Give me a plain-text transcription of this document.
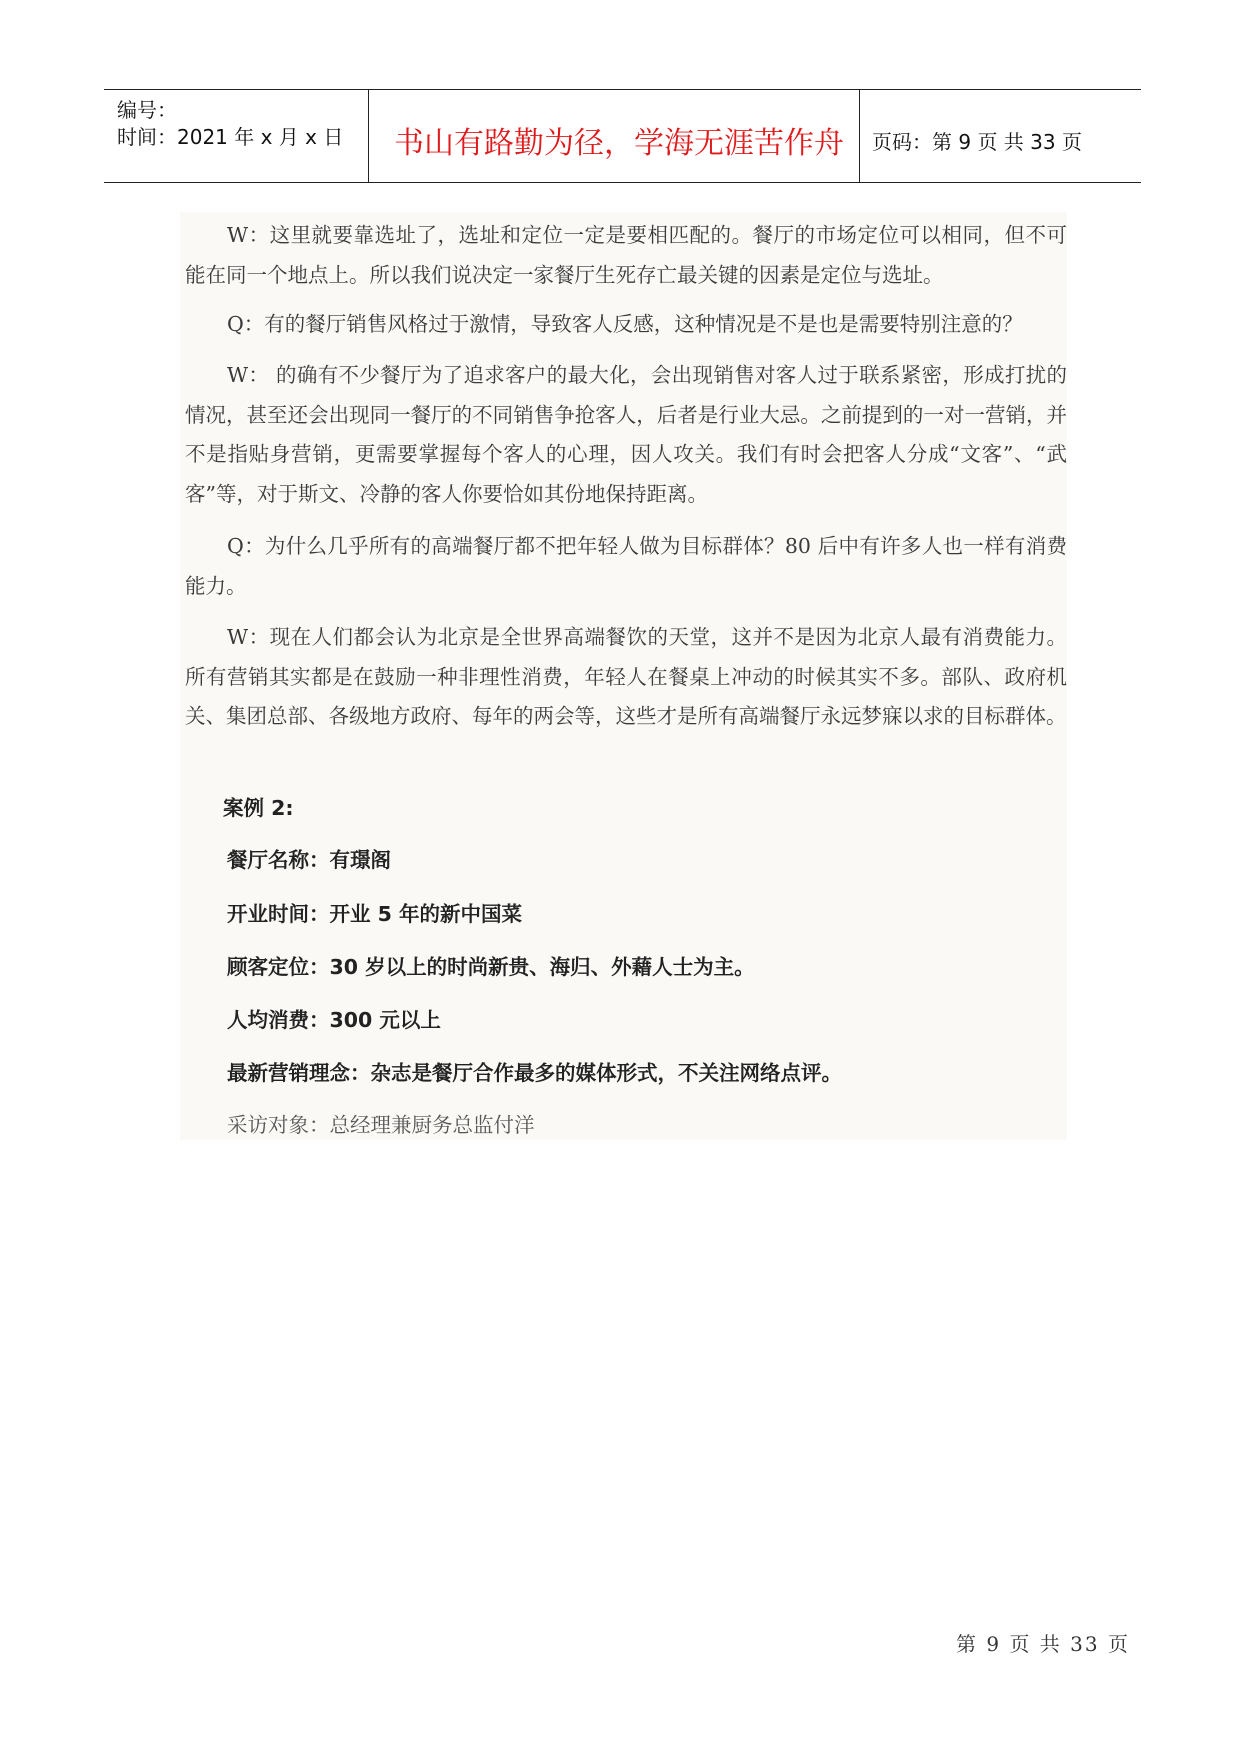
编号：
时间：2021 年 x 月 x 日 书山有路勤为径，学海无涯苦作舟 页码：第 9 页 共 33 页

W：这里就要靠选址了，选址和定位一定是要相匹配的。餐厅的市场定位可以相同，但不可能在同一个地点上。所以我们说决定一家餐厅生死存亡最关键的因素是定位与选址。

Q：有的餐厅销售风格过于激情，导致客人反感，这种情况是不是也是需要特别注意的？

W： 的确有不少餐厅为了追求客户的最大化，会出现销售对客人过于联系紧密，形成打扰的情况，甚至还会出现同一餐厅的不同销售争抢客人，后者是行业大忌。之前提到的一对一营销，并不是指贴身营销，更需要掌握每个客人的心理，因人攻关。我们有时会把客人分成“文客”、“武客”等，对于斯文、冷静的客人你要恰如其份地保持距离。

Q：为什么几乎所有的高端餐厅都不把年轻人做为目标群体？80 后中有许多人也一样有消费能力。

W：现在人们都会认为北京是全世界高端餐饮的天堂，这并不是因为北京人最有消费能力。所有营销其实都是在鼓励一种非理性消费，年轻人在餐桌上冲动的时候其实不多。部队、政府机关、集团总部、各级地方政府、每年的两会等，这些才是所有高端餐厅永远梦寐以求的目标群体。

案例 2:
餐厅名称：有璟阁
开业时间：开业 5 年的新中国菜
顾客定位：30 岁以上的时尚新贵、海归、外藉人士为主。
人均消费：300 元以上
最新营销理念：杂志是餐厅合作最多的媒体形式，不关注网络点评。
采访对象：总经理兼厨务总监付洋
第 9 页 共 33 页
